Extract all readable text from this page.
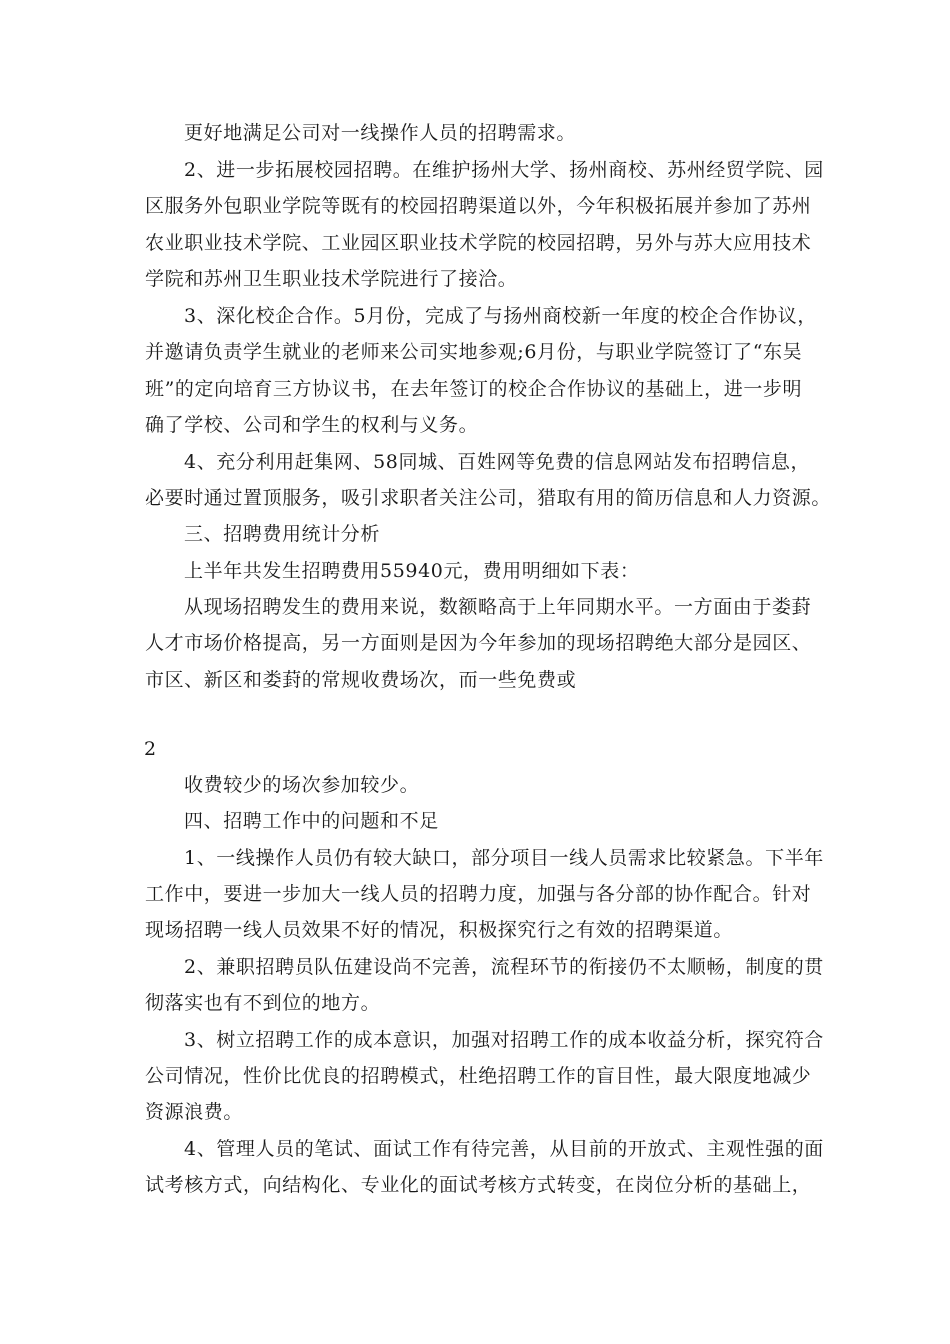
更好地满足公司对一线操作人员的招聘需求。
2、进一步拓展校园招聘。在维护扬州大学、扬州商校、苏州经贸学院、园
区服务外包职业学院等既有的校园招聘渠道以外，今年积极拓展并参加了苏州
农业职业技术学院、工业园区职业技术学院的校园招聘，另外与苏大应用技术
学院和苏州卫生职业技术学院进行了接洽。
3、深化校企合作。5月份，完成了与扬州商校新一年度的校企合作协议，
并邀请负责学生就业的老师来公司实地参观;6月份，与职业学院签订了“东吴
班”的定向培育三方协议书，在去年签订的校企合作协议的基础上，进一步明
确了学校、公司和学生的权利与义务。
4、充分利用赶集网、58同城、百姓网等免费的信息网站发布招聘信息，
必要时通过置顶服务，吸引求职者关注公司，猎取有用的简历信息和人力资源。
三、招聘费用统计分析
上半年共发生招聘费用55940元，费用明细如下表：
从现场招聘发生的费用来说，数额略高于上年同期水平。一方面由于娄葑
人才市场价格提高，另一方面则是因为今年参加的现场招聘绝大部分是园区、
市区、新区和娄葑的常规收费场次，而一些免费或
2
收费较少的场次参加较少。
四、招聘工作中的问题和不足
1、一线操作人员仍有较大缺口，部分项目一线人员需求比较紧急。下半年
工作中，要进一步加大一线人员的招聘力度，加强与各分部的协作配合。针对
现场招聘一线人员效果不好的情况，积极探究行之有效的招聘渠道。
2、兼职招聘员队伍建设尚不完善，流程环节的衔接仍不太顺畅，制度的贯
彻落实也有不到位的地方。
3、树立招聘工作的成本意识，加强对招聘工作的成本收益分析，探究符合
公司情况，性价比优良的招聘模式，杜绝招聘工作的盲目性，最大限度地减少
资源浪费。
4、管理人员的笔试、面试工作有待完善，从目前的开放式、主观性强的面
试考核方式，向结构化、专业化的面试考核方式转变，在岗位分析的基础上，
